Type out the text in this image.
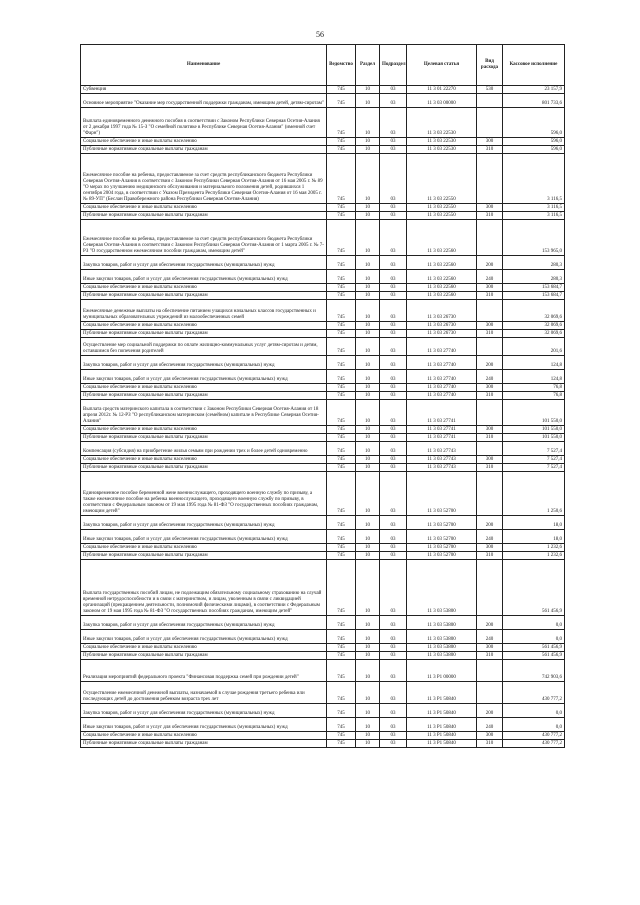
56
Наименование	Ведомство	Раздел	Подраздел	Целевая статья	Вид расхода	Кассовое исполнение
Субвенция	745	10	03	11 3 01 22270	530	23 157,9
Основное мероприятие "Оказание мер государственной поддержки гражданам, имеющим детей, детям-сиротам"	745	10	03	11 3 03 00000		801 733,6
Выплата единовременного денежного пособия в соответствии с Законом Республики Северная Осетия-Алания от 2 декабря 1997 года № 15-З "О семейной политике в Республике Северная Осетия-Алания" (именной счет "Фарн")	745	10	03	11 3 03 22530		596,0
Социальное обеспечение и иные выплаты населению	745	10	03	11 3 03 22530	300	596,0
Публичные нормативные социальные выплаты гражданам	745	10	03	11 3 03 22530	310	596,0
Ежемесячное пособие на ребенка, предоставляемое за счет средств республиканского бюджета Республики Северная Осетия-Алания в соответствии с Законом Республики Северная Осетия-Алания от 16 мая 2005 г. № 89 "О мерах по улучшению медицинского обслуживания и материального положения детей, родившихся 1 сентября 2004 года, в соответствии с Указом Президента Республики Северная Осетия-Алания от 16 мая 2005 г. № 89-УП" (Беслан Правобережного района Республики Северная Осетия-Алания)	745	10	03	11 3 03 22550		3 116,5
Социальное обеспечение и иные выплаты населению	745	10	03	11 3 03 22550	300	3 116,5
Публичные нормативные социальные выплаты гражданам	745	10	03	11 3 03 22550	310	3 116,5
Ежемесячное пособие на ребенка, предоставляемое за счет средств республиканского бюджета Республики Северная Осетия-Алания в соответствии с Законом Республики Северная Осетия-Алания от 1 марта 2005 г. № 7-РЗ "О государственном ежемесячном пособии гражданам, имеющим детей"	745	10	03	11 3 03 22560		153 965,0
Закупка товаров, работ и услуг для обеспечения государственных (муниципальных) нужд	745	10	03	11 3 03 22560	200	280,3
Иные закупки товаров, работ и услуг для обеспечения государственных (муниципальных) нужд	745	10	03	11 3 03 22560	240	280,3
Социальное обеспечение и иные выплаты населению	745	10	03	11 3 03 22560	300	153 684,7
Публичные нормативные социальные выплаты гражданам	745	10	03	11 3 03 22560	310	153 684,7
Ежемесячные денежные выплаты на обеспечение питанием учащихся начальных классов государственных и муниципальных образовательных учреждений из малообеспеченных семей	745	10	03	11 3 03 26730		32 069,6
Социальное обеспечение и иные выплаты населению	745	10	03	11 3 03 26730	300	32 069,6
Публичные нормативные социальные выплаты гражданам	745	10	03	11 3 03 26730	310	32 069,6
Осуществление мер социальной поддержки по оплате жилищно-коммунальных услуг детям-сиротам и детям, оставшимся без попечения родителей	745	10	03	11 3 03 27740		201,6
Закупка товаров, работ и услуг для обеспечения государственных (муниципальных) нужд	745	10	03	11 3 03 27740	200	124,8
Иные закупки товаров, работ и услуг для обеспечения государственных (муниципальных) нужд	745	10	03	11 3 03 27740	240	124,8
Социальное обеспечение и иные выплаты населению	745	10	03	11 3 03 27740	300	76,8
Публичные нормативные социальные выплаты гражданам	745	10	03	11 3 03 27740	310	76,8
Выплата средств материнского капитала в соответствии с Законом Республики Северная Осетия-Алания от 18 апреля 2012г. № 12-РЗ "О республиканском материнском (семейном) капитале в Республике Северная Осетия-Алания"	745	10	03	11 3 03 27741		101 550,0
Социальное обеспечение и иные выплаты населению	745	10	03	11 3 03 27741	300	101 550,0
Публичные нормативные социальные выплаты гражданам	745	10	03	11 3 03 27741	310	101 550,0
Компенсация (субсидия) на приобретение жилья семьям при рождении трех и более детей одновременно	745	10	03	11 3 03 27743		7 527,4
Социальное обеспечение и иные выплаты населению	745	10	03	11 3 03 27743	300	7 527,4
Публичные нормативные социальные выплаты гражданам	745	10	03	11 3 03 27743	310	7 527,4
Единовременное пособие беременной жене военнослужащего, проходящего военную службу по призыву, а также ежемесячное пособие на ребенка военнослужащего, проходящего военную службу по призыву, в соответствии с Федеральным законом от 19 мая 1995 года № 81-ФЗ "О государственных пособиях гражданам, имеющим детей"	745	10	03	11 3 03 52700		1 250,6
Закупка товаров, работ и услуг для обеспечения государственных (муниципальных) нужд	745	10	03	11 3 03 52700	200	18,0
Иные закупки товаров, работ и услуг для обеспечения государственных (муниципальных) нужд	745	10	03	11 3 03 52700	240	18,0
Социальное обеспечение и иные выплаты населению	745	10	03	11 3 03 52700	300	1 232,6
Публичные нормативные социальные выплаты гражданам	745	10	03	11 3 03 52700	310	1 232,6
Выплата государственных пособий лицам, не подлежащим обязательному социальному страхованию на случай временной нетрудоспособности и в связи с материнством, и лицам, уволенным в связи с ликвидацией организаций (прекращением деятельности, полномочий физическими лицами), в соответствии с Федеральным законом от 19 мая 1995 года № 81-ФЗ "О государственных пособиях гражданам, имеющим детей"	745	10	03	11 3 03 53800		561 456,9
Закупка товаров, работ и услуг для обеспечения государственных (муниципальных) нужд	745	10	03	11 3 03 53800	200	0,0
Иные закупки товаров, работ и услуг для обеспечения государственных (муниципальных) нужд	745	10	03	11 3 03 53800	240	0,0
Социальное обеспечение и иные выплаты населению	745	10	03	11 3 03 53800	300	561 456,9
Публичные нормативные социальные выплаты гражданам	745	10	03	11 3 03 53800	310	561 456,9
Реализация мероприятий федерального проекта "Финансовая поддержка семей при рождении детей"	745	10	03	11 3 P1 00000		742 903,6
Осуществление ежемесячной денежной выплаты, назначаемой в случае рождения третьего ребенка или последующих детей до достижения ребенком возраста трех лет	745	10	03	11 3 P1 50840		430 777,2
Закупка товаров, работ и услуг для обеспечения государственных (муниципальных) нужд	745	10	03	11 3 P1 50840	200	0,0
Иные закупки товаров, работ и услуг для обеспечения государственных (муниципальных) нужд	745	10	03	11 3 P1 50840	240	0,0
Социальное обеспечение и иные выплаты населению	745	10	03	11 3 P1 50840	300	430 777,2
Публичные нормативные социальные выплаты гражданам	745	10	03	11 3 P1 50840	310	430 777,2
